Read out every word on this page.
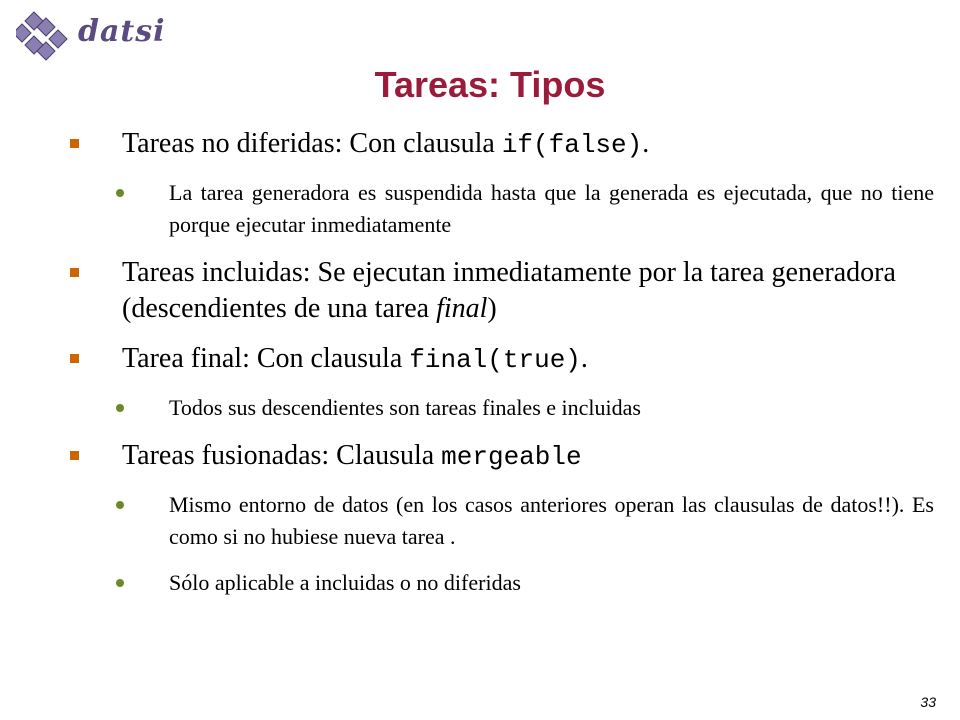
datsi
Tareas: Tipos
Tareas no diferidas: Con clausula if(false).
La tarea generadora es suspendida hasta que la generada es ejecutada, que no tiene porque ejecutar inmediatamente
Tareas incluidas: Se ejecutan inmediatamente por la tarea generadora (descendientes de una tarea final)
Tarea final: Con clausula final(true).
Todos sus descendientes son tareas finales e incluidas
Tareas fusionadas: Clausula mergeable
Mismo entorno de datos (en los casos anteriores operan las clausulas de datos!!). Es como si no hubiese nueva tarea .
Sólo aplicable a incluidas o no diferidas
33
